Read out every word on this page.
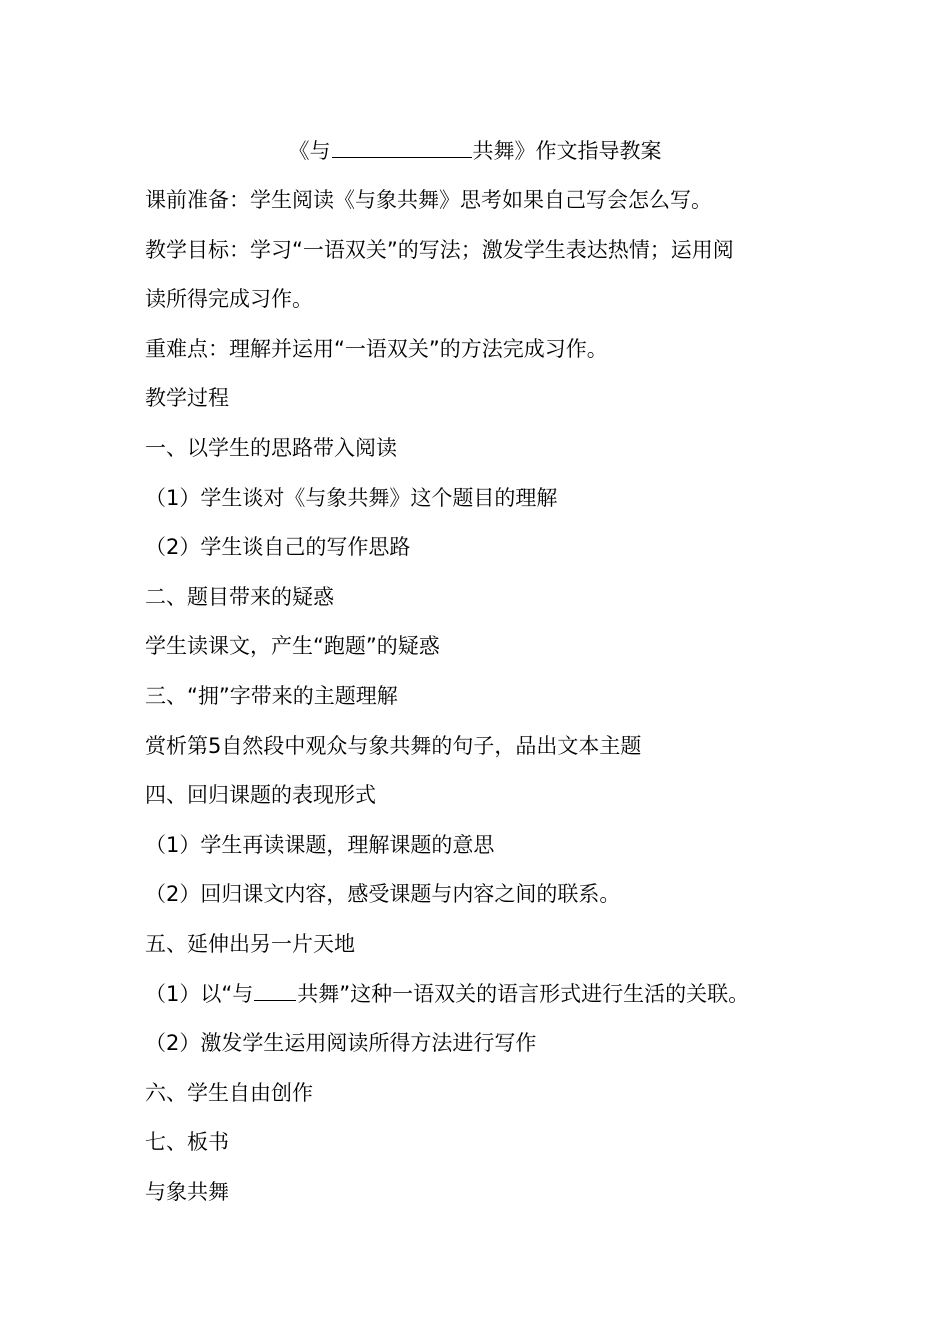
《与	共舞》作文指导教案
课前准备：学生阅读《与象共舞》思考如果自己写会怎么写。
教学目标：学习“一语双关”的写法；激发学生表达热情；运用阅
读所得完成习作。
重难点：理解并运用“一语双关”的方法完成习作。
教学过程
一、以学生的思路带入阅读
（1）学生谈对《与象共舞》这个题目的理解
（2）学生谈自己的写作思路
二、题目带来的疑惑
学生读课文，产生“跑题”的疑惑
三、“拥”字带来的主题理解
赏析第5自然段中观众与象共舞的句子，品出文本主题
四、回归课题的表现形式
（1）学生再读课题，理解课题的意思
（2）回归课文内容，感受课题与内容之间的联系。
五、延伸出另一片天地
（1）以“与 共舞”这种一语双关的语言形式进行生活的关联。
（2）激发学生运用阅读所得方法进行写作
六、学生自由创作
七、板书
与象共舞
